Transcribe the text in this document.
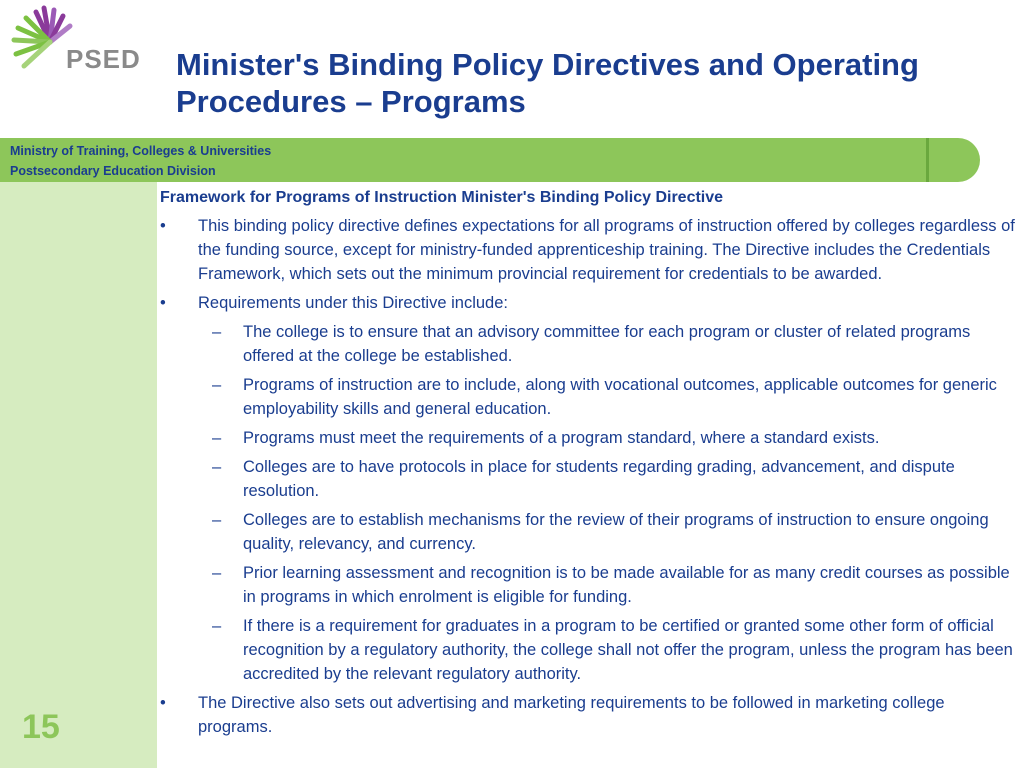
PSED Minister's Binding Policy Directives and Operating Procedures – Programs
Ministry of Training, Colleges & Universities
Postsecondary Education Division
15

Framework for Programs of Instruction Minister's Binding Policy Directive

• This binding policy directive defines expectations for all programs of instruction offered by colleges regardless of the funding source, except for ministry-funded apprenticeship training. The Directive includes the Credentials Framework, which sets out the minimum provincial requirement for credentials to be awarded.
• Requirements under this Directive include:
– The college is to ensure that an advisory committee for each program or cluster of related programs offered at the college be established.
– Programs of instruction are to include, along with vocational outcomes, applicable outcomes for generic employability skills and general education.
– Programs must meet the requirements of a program standard, where a standard exists.
– Colleges are to have protocols in place for students regarding grading, advancement, and dispute resolution.
– Colleges are to establish mechanisms for the review of their programs of instruction to ensure ongoing quality, relevancy, and currency.
– Prior learning assessment and recognition is to be made available for as many credit courses as possible in programs in which enrolment is eligible for funding.
– If there is a requirement for graduates in a program to be certified or granted some other form of official recognition by a regulatory authority, the college shall not offer the program, unless the program has been accredited by the relevant regulatory authority.
• The Directive also sets out advertising and marketing requirements to be followed in marketing college programs.
